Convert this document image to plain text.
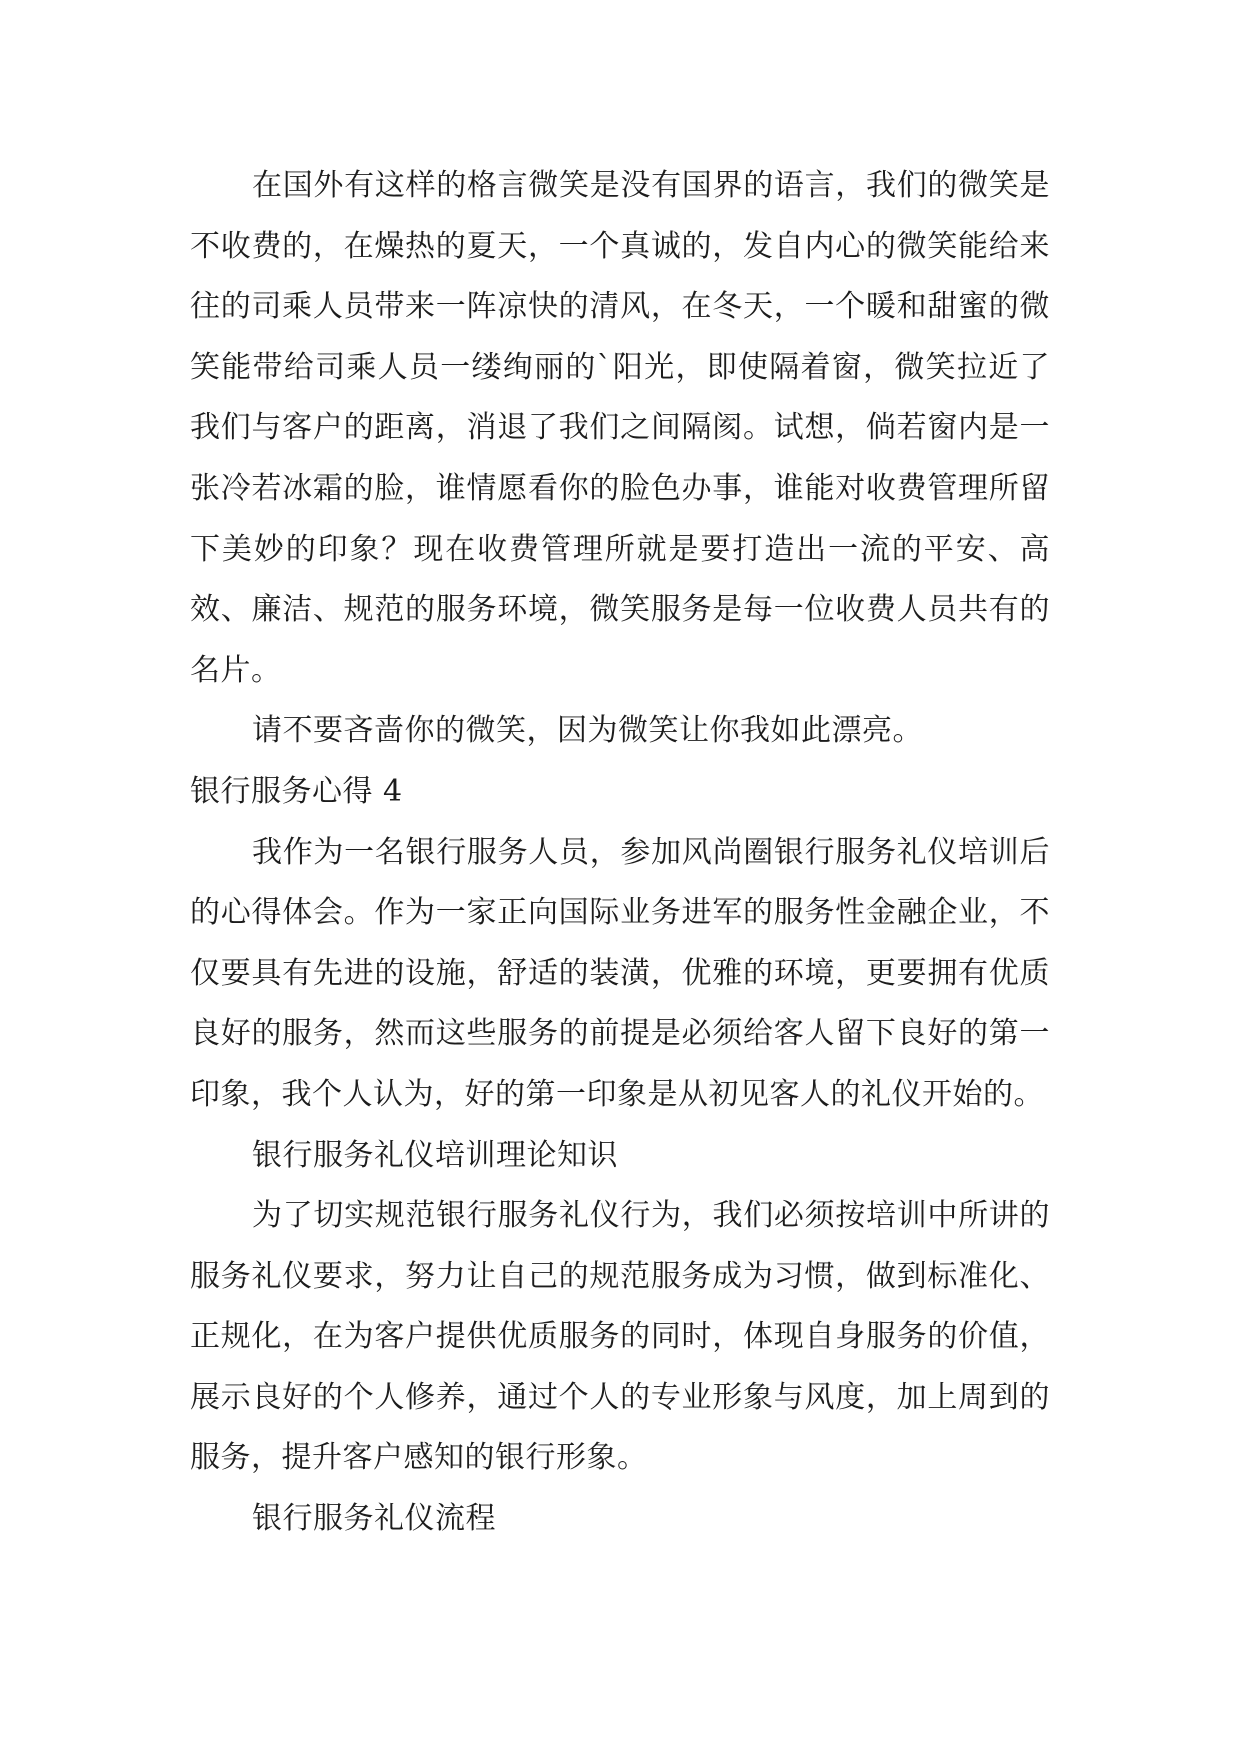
在国外有这样的格言微笑是没有国界的语言，我们的微笑是不收费的，在燥热的夏天，一个真诚的，发自内心的微笑能给来往的司乘人员带来一阵凉快的清风，在冬天，一个暖和甜蜜的微笑能带给司乘人员一缕绚丽的`阳光，即使隔着窗，微笑拉近了我们与客户的距离，消退了我们之间隔阂。试想，倘若窗内是一张冷若冰霜的脸，谁情愿看你的脸色办事，谁能对收费管理所留下美妙的印象？现在收费管理所就是要打造出一流的平安、高效、廉洁、规范的服务环境，微笑服务是每一位收费人员共有的名片。

请不要吝啬你的微笑，因为微笑让你我如此漂亮。

银行服务心得 4

我作为一名银行服务人员，参加风尚圈银行服务礼仪培训后的心得体会。作为一家正向国际业务进军的服务性金融企业，不仅要具有先进的设施，舒适的装潢，优雅的环境，更要拥有优质良好的服务，然而这些服务的前提是必须给客人留下良好的第一印象，我个人认为，好的第一印象是从初见客人的礼仪开始的。

银行服务礼仪培训理论知识

为了切实规范银行服务礼仪行为，我们必须按培训中所讲的服务礼仪要求，努力让自己的规范服务成为习惯，做到标准化、正规化，在为客户提供优质服务的同时，体现自身服务的价值，展示良好的个人修养，通过个人的专业形象与风度，加上周到的服务，提升客户感知的银行形象。

银行服务礼仪流程
